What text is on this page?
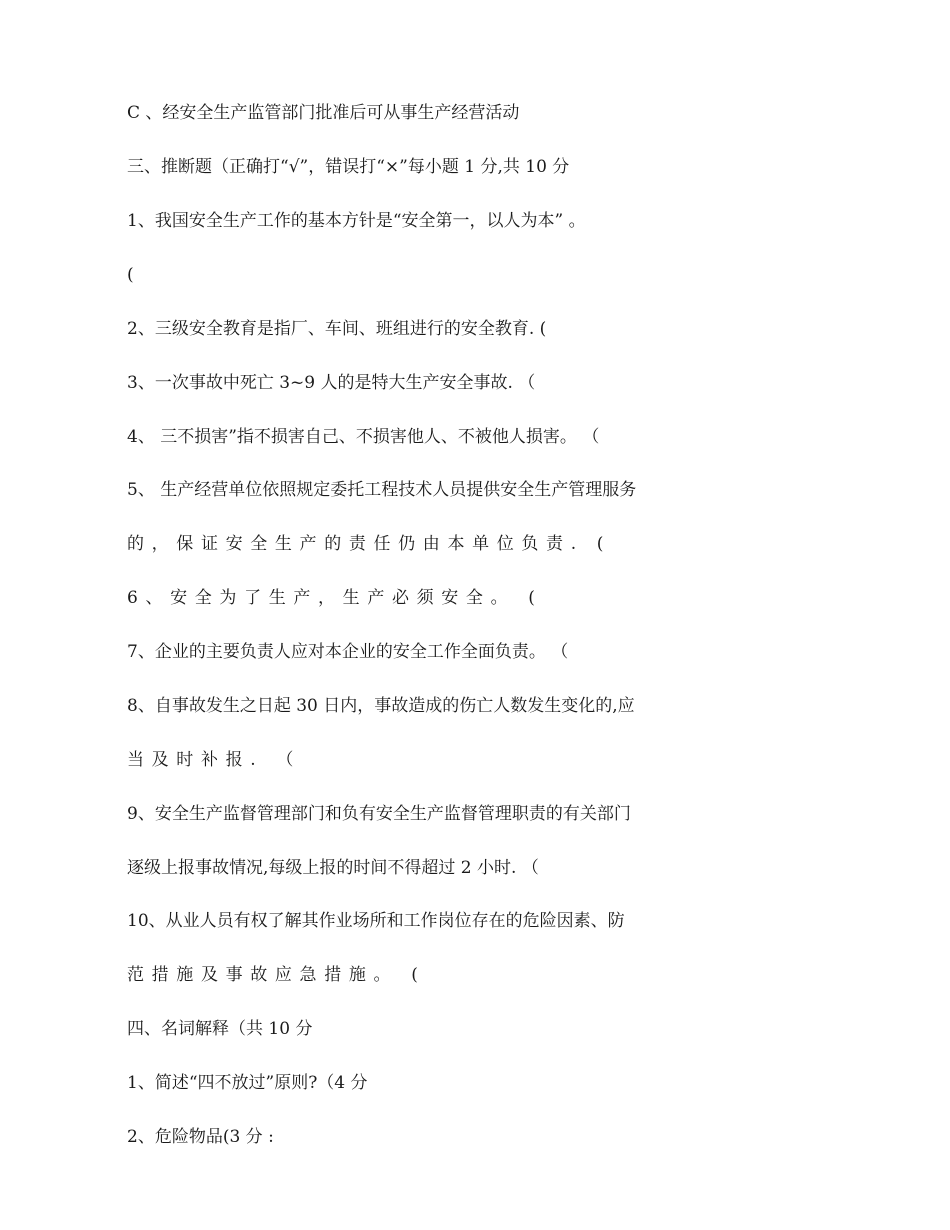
C 、经安全生产监管部门批准后可从事生产经营活动
三、推断题（正确打“√”，错误打“×”每小题 1 分,共 10 分
1、我国安全生产工作的基本方针是“安全第一，以人为本” 。
(
2、三级安全教育是指厂、车间、班组进行的安全教育. (
3、一次事故中死亡 3~9 人的是特大生产安全事故. （
4、 三不损害”指不损害自己、不损害他人、不被他人损害。 （
5、 生产经营单位依照规定委托工程技术人员提供安全生产管理服务
的，保证安全生产的责任仍由本单位负责. (
6、安全为了生产，生产必须安全。 (
7、企业的主要负责人应对本企业的安全工作全面负责。 （
8、自事故发生之日起 30 日内，事故造成的伤亡人数发生变化的,应
当及时补报. （
9、安全生产监督管理部门和负有安全生产监督管理职责的有关部门
逐级上报事故情况,每级上报的时间不得超过 2 小时. （
10、从业人员有权了解其作业场所和工作岗位存在的危险因素、防
范措施及事故应急措施。 (
四、名词解释（共 10 分
1、简述“四不放过”原则?（4 分
2、危险物品(3 分 :
